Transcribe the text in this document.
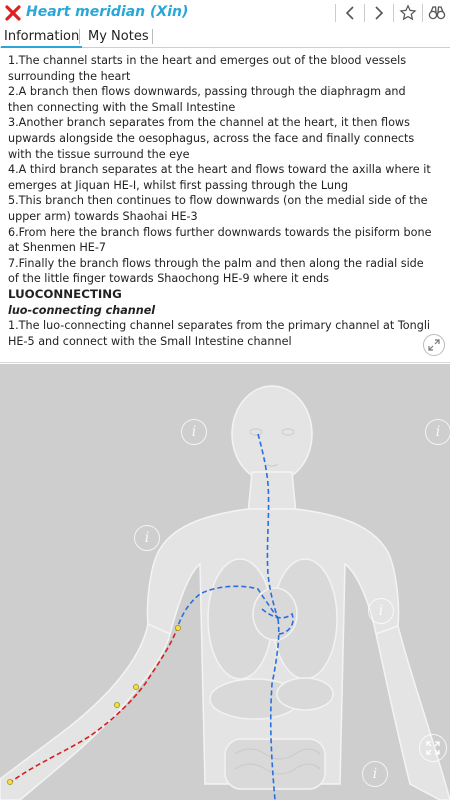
Heart meridian (Xin)
Information My Notes

1.The channel starts in the heart and emerges out of the blood vessels surrounding the heart

2.A branch then flows downwards, passing through the diaphragm and then connecting with the Small Intestine

3.Another branch separates from the channel at the heart, it then flows upwards alongside the oesophagus, across the face and finally connects with the tissue surround the eye

4.A third branch separates at the heart and flows toward the axilla where it emerges at Jiquan HE-I, whilst first passing through the Lung

5.This branch then continues to flow downwards (on the medial side of the upper arm) towards Shaohai HE-3

6.From here the branch flows further downwards towards the pisiform bone at Shenmen HE-7

7.Finally the branch flows through the palm and then along the radial side of the little finger towards Shaochong HE-9 where it ends

LUOCONNECTING

luo-connecting channel

1.The luo-connecting channel separates from the primary channel at Tongli HE-5 and connect with the Small Intestine channel

i	i
i
i
i
